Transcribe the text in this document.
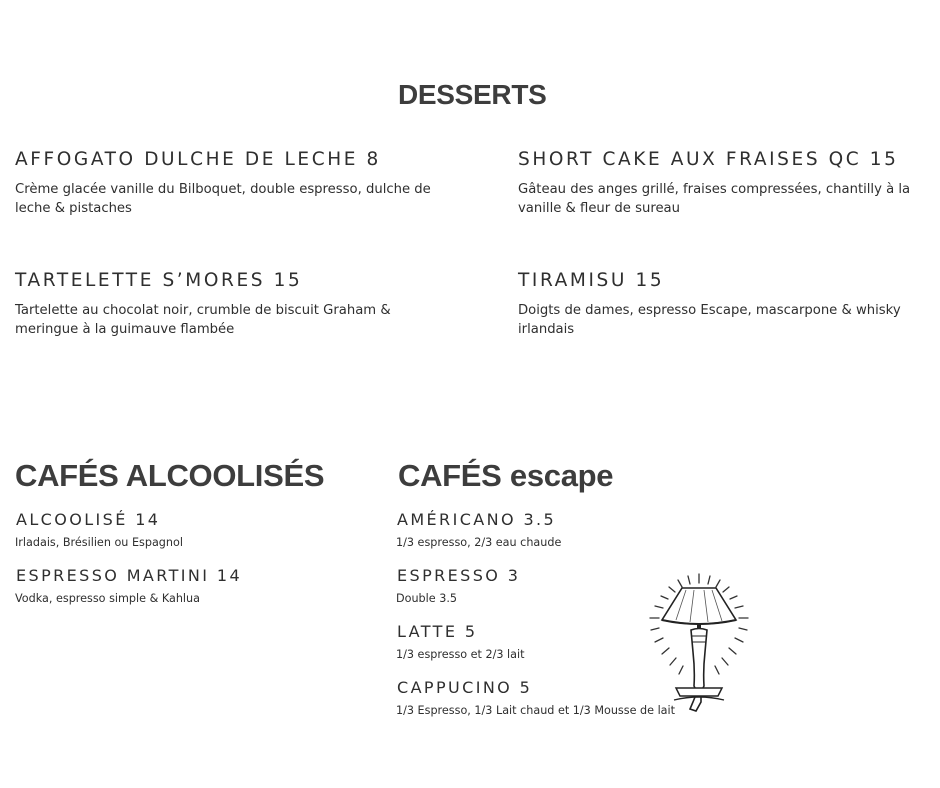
DESSERTS

AFFOGATO DULCHE DE LECHE 8

Crème glacée vanille du Bilboquet, double espresso, dulche de leche & pistaches

SHORT CAKE AUX FRAISES QC 15

Gâteau des anges grillé, fraises compressées, chantilly à la vanille & fleur de sureau

TARTELETTE S’MORES 15

Tartelette au chocolat noir, crumble de biscuit Graham & meringue à la guimauve flambée

TIRAMISU 15

Doigts de dames, espresso Escape, mascarpone & whisky irlandais

CAFÉS ALCOOLISÉS

ALCOOLISÉ 14

Irladais, Brésilien ou Espagnol

ESPRESSO MARTINI 14

Vodka, espresso simple & Kahlua

CAFÉS escape

AMÉRICANO 3.5

1/3 espresso, 2/3 eau chaude

ESPRESSO 3

Double 3.5

LATTE 5

1/3 espresso et 2/3 lait

CAPPUCINO 5

1/3 Espresso, 1/3 Lait chaud et 1/3 Mousse de lait
